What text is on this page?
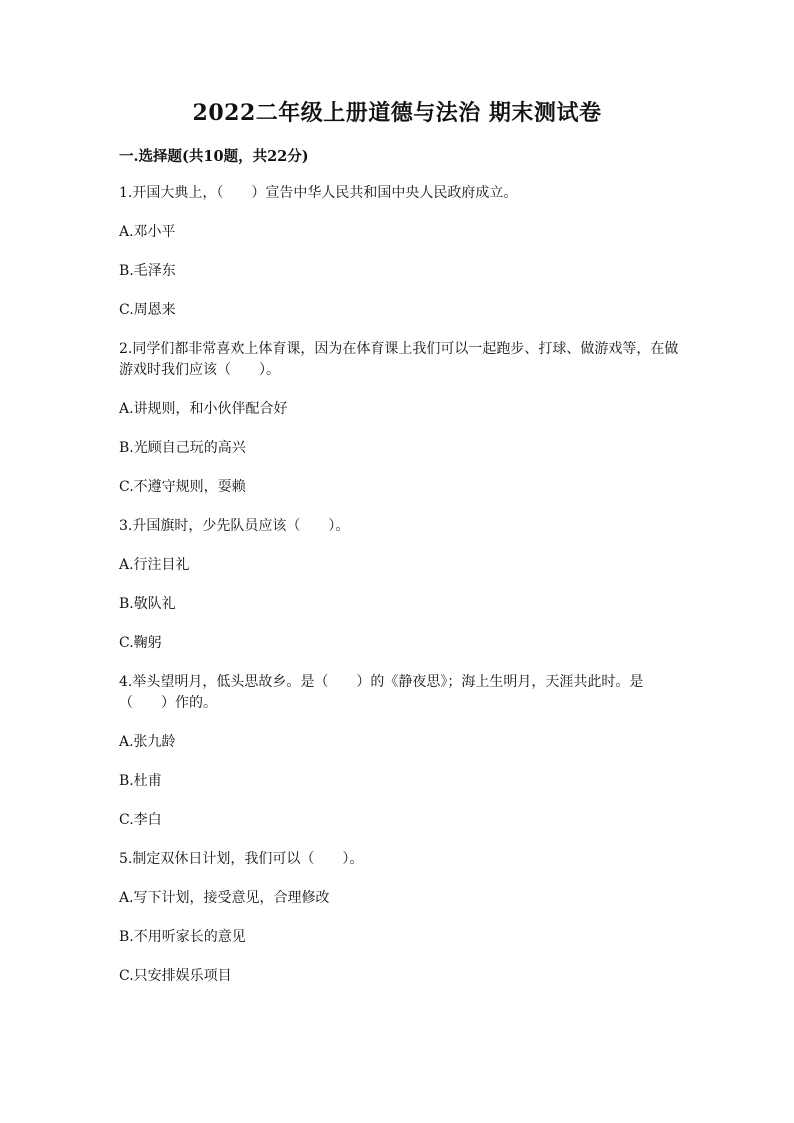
2022二年级上册道德与法治 期末测试卷
一.选择题(共10题，共22分)
1.开国大典上，（　　）宣告中华人民共和国中央人民政府成立。
A.邓小平
B.毛泽东
C.周恩来
2.同学们都非常喜欢上体育课，因为在体育课上我们可以一起跑步、打球、做游戏等，在做游戏时我们应该（　　）。
A.讲规则，和小伙伴配合好
B.光顾自己玩的高兴
C.不遵守规则，耍赖
3.升国旗时，少先队员应该（　　）。
A.行注目礼
B.敬队礼
C.鞠躬
4.举头望明月，低头思故乡。是（　　）的《静夜思》；海上生明月，天涯共此时。是（　　）作的。
A.张九龄
B.杜甫
C.李白
5.制定双休日计划，我们可以（　　）。
A.写下计划，接受意见，合理修改
B.不用听家长的意见
C.只安排娱乐项目
